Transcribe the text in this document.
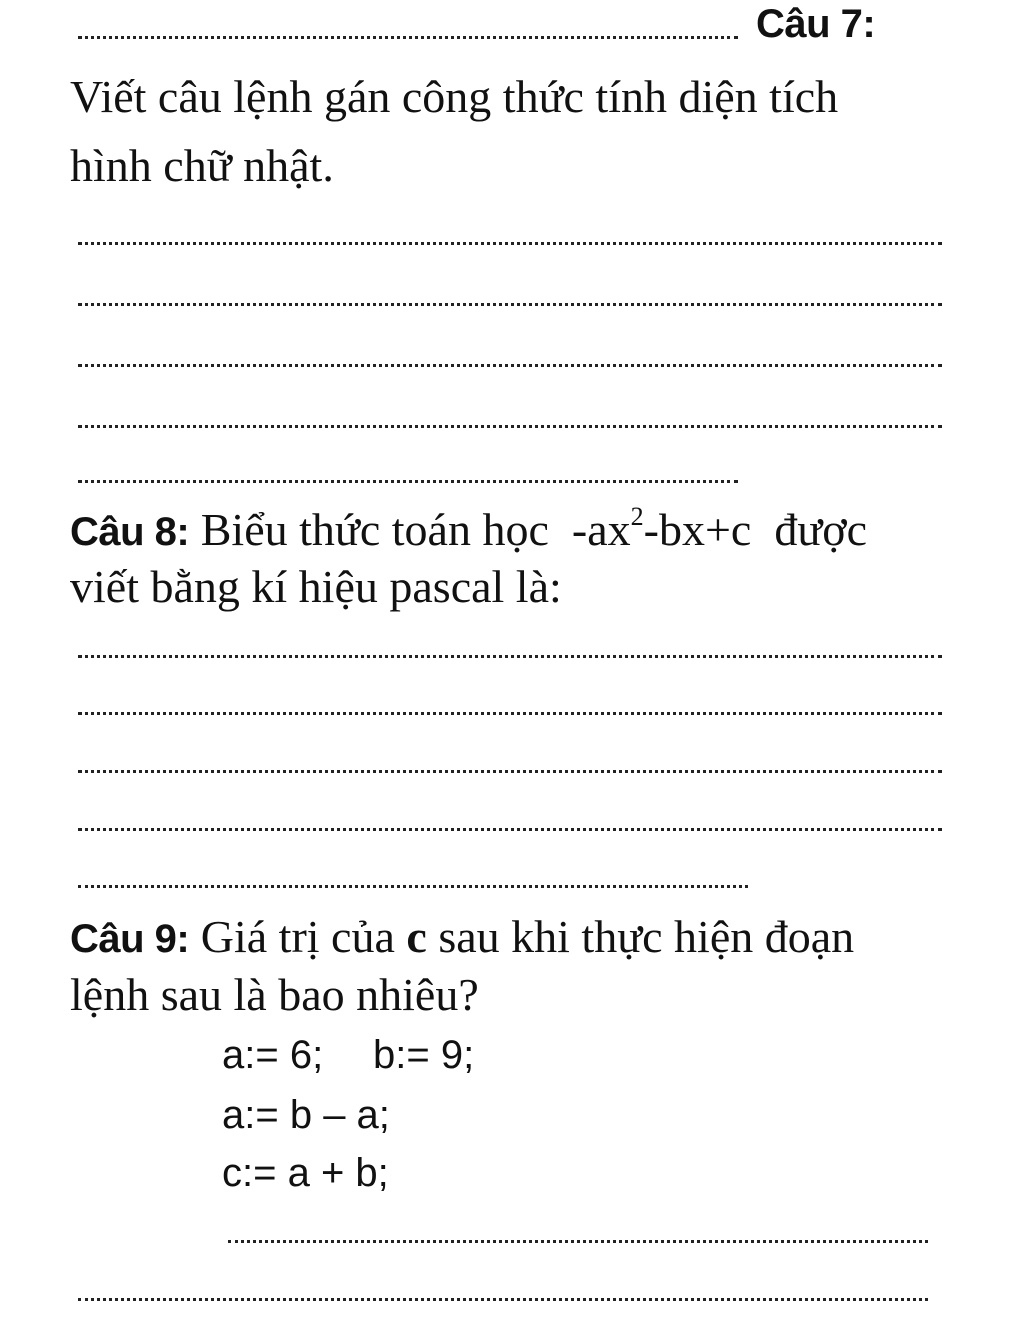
Câu 7:
Viết câu lệnh gán công thức tính diện tích
hình chữ nhật.
Câu 8: Biểu thức toán học $-ax^2-bx+c$ được
viết bằng kí hiệu pascal là:
Câu 9: Giá trị của c sau khi thực hiện đoạn
lệnh sau là bao nhiêu?
a:= 6; b:= 9;
a:= b – a;
c:= a + b;
